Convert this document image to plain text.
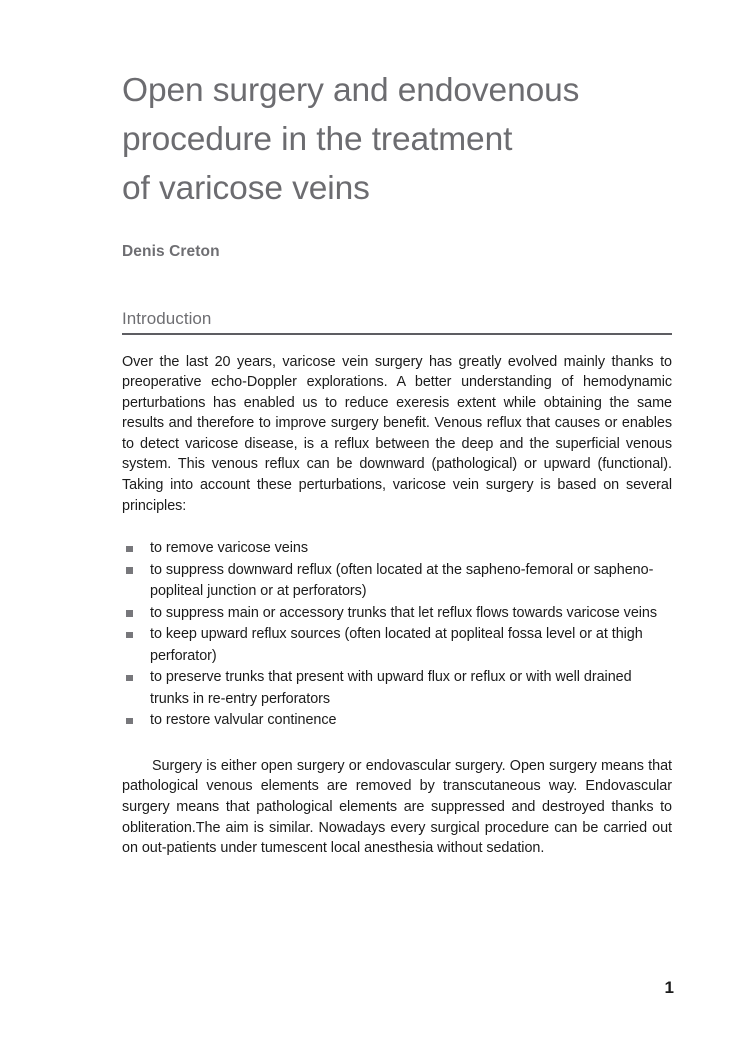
Open surgery and endovenous
procedure in the treatment
of varicose veins

Denis Creton

Introduction

Over the last 20 years, varicose vein surgery has greatly evolved mainly thanks to preoperative echo-Doppler explorations. A better understanding of hemodynamic perturbations has enabled us to reduce exeresis extent while obtaining the same results and therefore to improve surgery benefit. Venous reflux that causes or enables to detect varicose disease, is a reflux between the deep and the superficial venous system. This venous reflux can be downward (pathological) or upward (functional). Taking into account these perturbations, varicose vein surgery is based on several principles:

to remove varicose veins
to suppress downward reflux (often located at the sapheno-femoral or sapheno-popliteal junction or at perforators)
to suppress main or accessory trunks that let reflux flows towards varicose veins
to keep upward reflux sources (often located at popliteal fossa level or at thigh perforator)
to preserve trunks that present with upward flux or reflux or with well drained trunks in re-entry perforators
to restore valvular continence

Surgery is either open surgery or endovascular surgery. Open surgery means that pathological venous elements are removed by transcutaneous way. Endovascular surgery means that pathological elements are suppressed and destroyed thanks to obliteration.The aim is similar. Nowadays every surgical procedure can be carried out on out-patients under tumescent local anesthesia without sedation.

1
